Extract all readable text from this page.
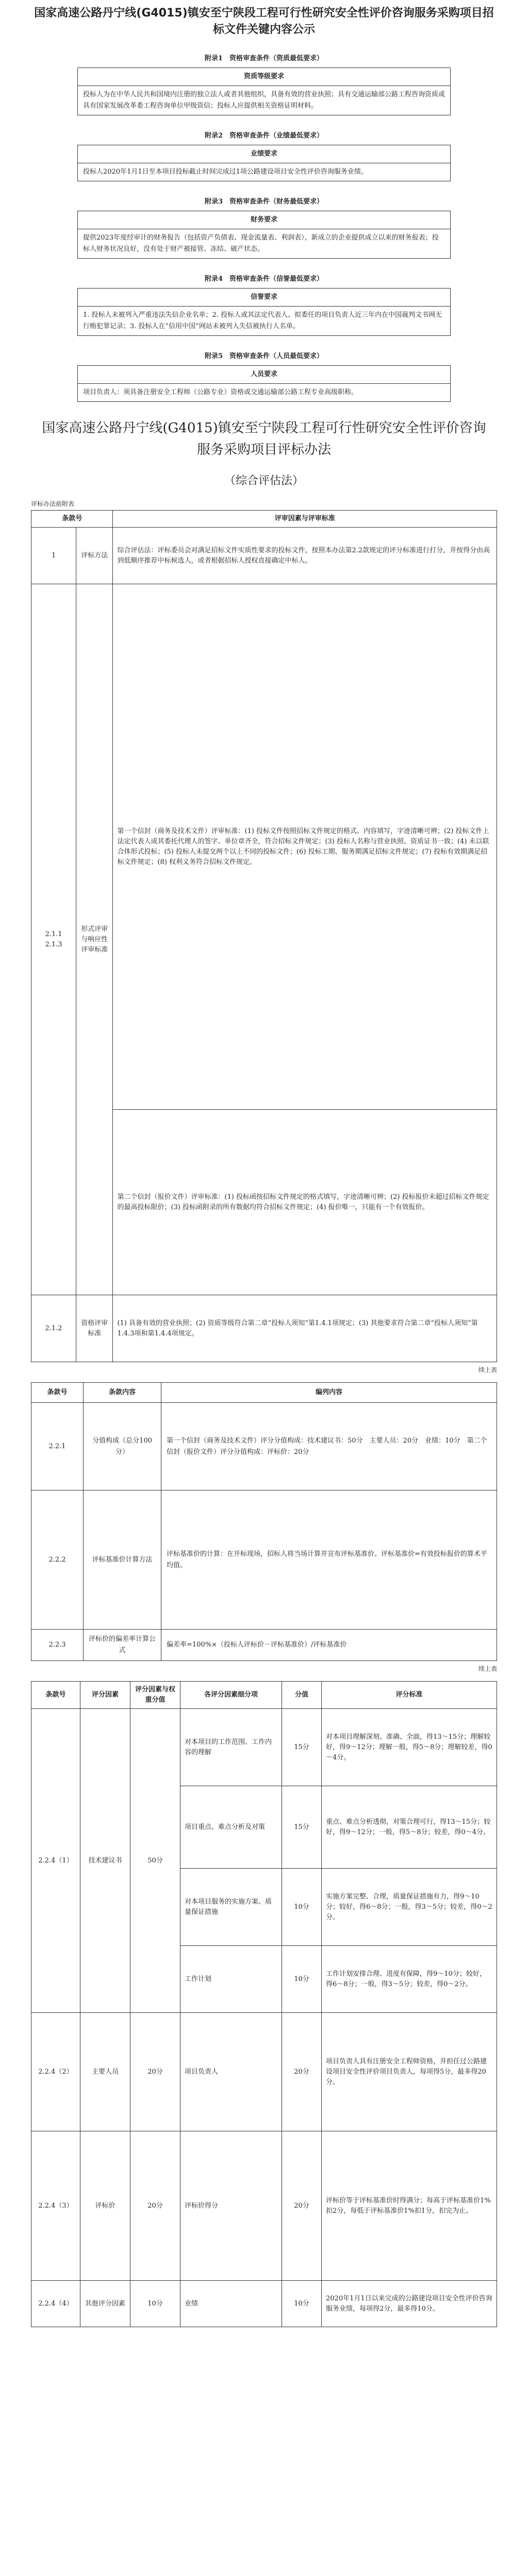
国家高速公路丹宁线(G4015)镇安至宁陕段工程可行性研究安全性评价咨询服务采购项目招标文件关键内容公示
附录1　资格审查条件（资质最低要求）
资质等级要求
投标人为在中华人民共和国境内注册的独立法人或者其他组织，具备有效的营业执照；具有交通运输部公路工程咨询资质或具有国家发展改革委工程咨询单位甲级资信；投标人应提供相关资格证明材料。
附录2　资格审查条件（业绩最低要求）
业绩要求
投标人2020年1月1日至本项目投标截止时间完成过1项公路建设项目安全性评价咨询服务业绩。
附录3　资格审查条件（财务最低要求）
财务要求
提供2023年度经审计的财务报告（包括资产负债表、现金流量表、利润表），新成立的企业提供成立以来的财务报表；投标人财务状况良好，没有处于财产被接管、冻结、破产状态。
附录4　资格审查条件（信誉最低要求）
信誉要求
1. 投标人未被列入严重违法失信企业名单；2. 投标人或其法定代表人、拟委任的项目负责人近三年内在中国裁判文书网无行贿犯罪记录；3. 投标人在“信用中国”网站未被列入失信被执行人名单。
附录5　资格审查条件（人员最低要求）
人员要求
项目负责人：须具备注册安全工程师（公路专业）资格或交通运输部公路工程专业高级职称。
国家高速公路丹宁线(G4015)镇安至宁陕段工程可行性研究安全性评价咨询服务采购项目评标办法
（综合评估法）
评标办法前附表
条款号		评审因素与评审标准
1	评标方法	综合评估法：评标委员会对满足招标文件实质性要求的投标文件，按照本办法第2.2款规定的评分标准进行打分，并按得分由高到低顺序推荐中标候选人，或者根据招标人授权直接确定中标人。
2.1.1
2.1.3	形式评审与响应性评审标准	第一个信封（商务及技术文件）评审标准：(1) 投标文件按照招标文件规定的格式、内容填写，字迹清晰可辨；(2) 投标文件上法定代表人或其委托代理人的签字、单位章齐全，符合招标文件规定；(3) 投标人名称与营业执照、资质证书一致；(4) 未以联合体形式投标；(5) 投标人未提交两个以上不同的投标文件；(6) 投标工期、服务期满足招标文件规定；(7) 投标有效期满足招标文件规定；(8) 权利义务符合招标文件规定。
		第二个信封（报价文件）评审标准：(1) 投标函按招标文件规定的格式填写，字迹清晰可辨；(2) 投标报价未超过招标文件规定的最高投标限价；(3) 投标函附录的所有数据均符合招标文件规定；(4) 报价唯一，只能有一个有效报价。
2.1.2	资格评审标准	(1) 具备有效的营业执照；(2) 资质等级符合第二章“投标人须知”第1.4.1项规定；(3) 其他要求符合第二章“投标人须知”第1.4.3项和第1.4.4项规定。
续上表
条款号	条款内容	编列内容
2.2.1	分值构成（总分100分）	第一个信封（商务及技术文件）评分分值构成：技术建议书：50分　主要人员：20分　业绩：10分　第二个信封（报价文件）评分分值构成：评标价：20分
2.2.2	评标基准价计算方法	评标基准价的计算：在开标现场，招标人将当场计算并宣布评标基准价。评标基准价=有效投标报价的算术平均值。
2.2.3	评标价的偏差率计算公式	偏差率=100%×（投标人评标价－评标基准价）/评标基准价
续上表
条款号	评分因素	评分因素与权重分值	各评分因素细分项	分值	评分标准
2.2.4（1）	技术建议书	50分	对本项目的工作范围、工作内容的理解	15分	对本项目理解深刻、准确、全面，得13～15分；理解较好，得9～12分；理解一般，得5～8分；理解较差，得0～4分。
			项目重点、难点分析及对策	15分	重点、难点分析透彻，对策合理可行，得13～15分；较好，得9～12分；一般，得5～8分；较差，得0～4分。
			对本项目服务的实施方案、质量保证措施	10分	实施方案完整、合理，质量保证措施有力，得9～10分；较好，得6～8分；一般，得3～5分；较差，得0～2分。
			工作计划	10分	工作计划安排合理、进度有保障，得9～10分；较好，得6～8分；一般，得3～5分；较差，得0～2分。
2.2.4（2）	主要人员	20分	项目负责人	20分	项目负责人具有注册安全工程师资格，并担任过公路建设项目安全性评价项目负责人，每项得5分，最多得20分。
2.2.4（3）	评标价	20分	评标价得分	20分	评标价等于评标基准价时得满分；每高于评标基准价1%扣2分，每低于评标基准价1%扣1分，扣完为止。
2.2.4（4）	其他评分因素	10分	业绩	10分	2020年1月1日以来完成的公路建设项目安全性评价咨询服务业绩，每项得2分，最多得10分。
